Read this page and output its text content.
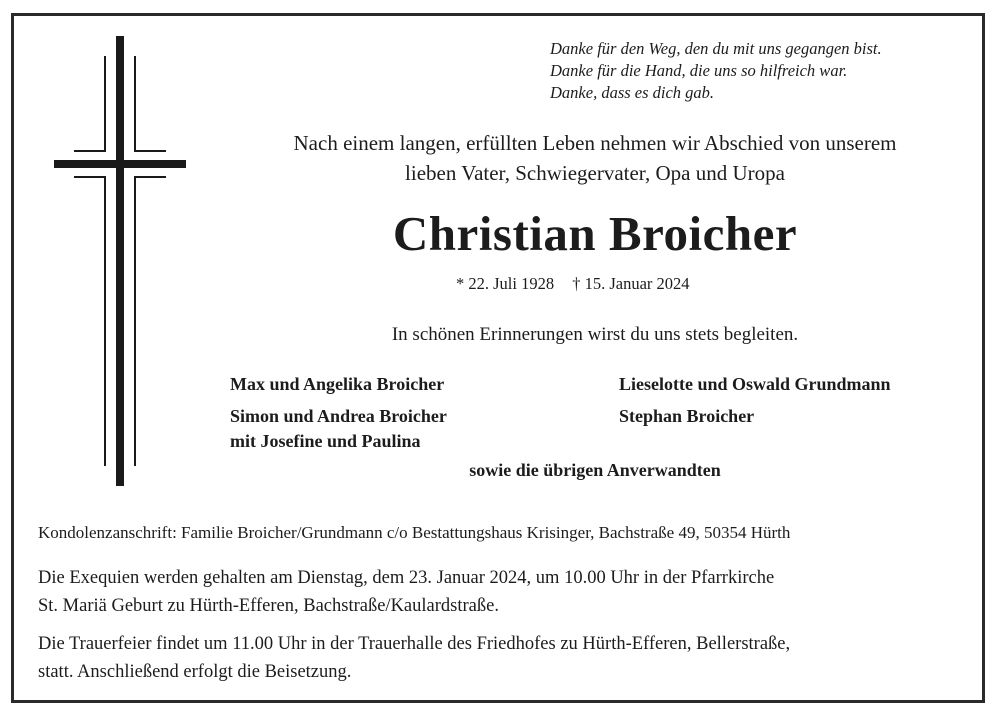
Danke für den Weg, den du mit uns gegangen bist.
Danke für die Hand, die uns so hilfreich war.
Danke, dass es dich gab.
Nach einem langen, erfüllten Leben nehmen wir Abschied von unserem
lieben Vater, Schwiegervater, Opa und Uropa
Christian Broicher
* 22. Juli 1928 † 15. Januar 2024
In schönen Erinnerungen wirst du uns stets begleiten.
Max und Angelika Broicher
Simon und Andrea Broicher
mit Josefine und Paulina
Lieselotte und Oswald Grundmann
Stephan Broicher
sowie die übrigen Anverwandten
Kondolenzanschrift: Familie Broicher/Grundmann c/o Bestattungshaus Krisinger, Bachstraße 49, 50354 Hürth
Die Exequien werden gehalten am Dienstag, dem 23. Januar 2024, um 10.00 Uhr in der Pfarrkirche
St. Mariä Geburt zu Hürth-Efferen, Bachstraße/Kaulardstraße.
Die Trauerfeier findet um 11.00 Uhr in der Trauerhalle des Friedhofes zu Hürth-Efferen, Bellerstraße,
statt. Anschließend erfolgt die Beisetzung.
